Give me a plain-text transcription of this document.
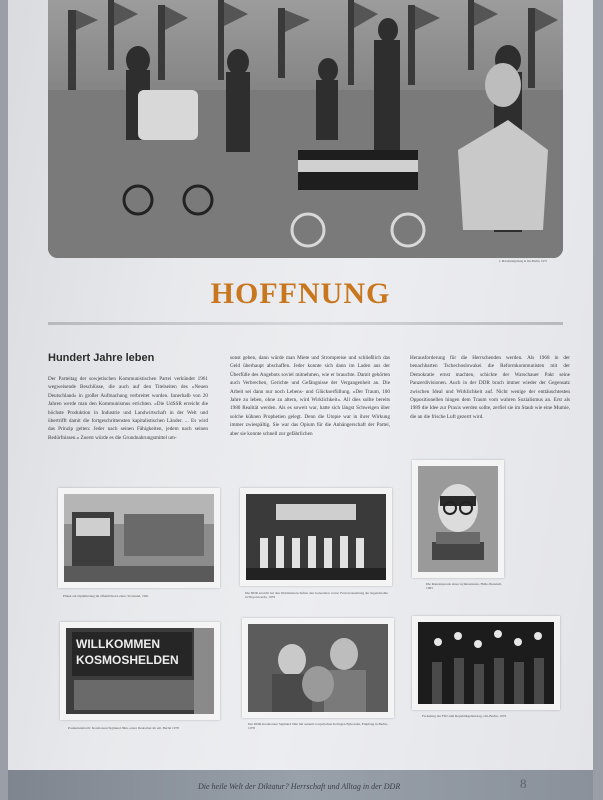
1. Mai-Kundgebung in Ost-Berlin, 1975
HOFFNUNG
Hundert Jahre leben
Der Parteitag der sowjetischen Kommunistischen Partei verkündet 1961 wegweisende Beschlüsse, die auch auf den Titelseiten des »Neuen Deutschland« in großer Aufmachung verbreitet wurden. Innerhalb von 20 Jahren werde man den Kommunismus errichten. »Die UdSSR erreicht die höchste Produktion in Industrie und Landwirtschaft in der Welt und übertrifft damit die fortgeschrittensten kapitalistischen Länder. ... Es wird das Prinzip gelten: Jeder nach seinen Fähigkeiten, jedem nach seinen Bedürfnissen.« Zuerst würde es die Grundnahrungsmittel um-
sonst geben, dann würde man Miete und Strompreise und schließlich das Geld überhaupt abschaffen. Jeder konnte sich dann im Laden aus der Überfülle des Angebots soviel mitnehmen, wie er brauchte. Damit gehörten auch Verbrechen, Gerichte und Gefängnisse der Vergangenheit an. Die Arbeit sei dann nur noch Lebens- und Glückserfüllung. »Der Traum, 100 Jahre zu leben, ohne zu altern, wird Wirklichkeit«. All dies sollte bereits 1980 Realität werden. Als es soweit war, hatte sich längst Schweigen über solche kühnen Prophetien gelegt. Denn die Utopie war in ihrer Wirkung immer zwiespältig. Sie war das Opium für die Anhängerschaft der Partei, aber sie konnte schnell zur gefährlichen
Herausforderung für die Herrschenden werden. Als 1968 in der benachbarten Tschechoslowakei die Reformkommunisten mit der Demokratie ernst machten, schickte der Warschauer Pakt seine Panzerdivisionen. Auch in der DDR brach immer wieder der Gegensatz zwischen Ideal und Wirklichkeit auf. Nicht wenige der enttäuschtesten Oppositionellen hingen dem Traum vom wahren Sozialismus an. Erst als 1989 die Idee zur Praxis werden sollte, zerfiel sie im Staub wie eine Mumie, die an die frische Luft gezerrt wird.
Plakat zur Optimierung im öffentlichen Leben, Stralsund, 1961
Die DDR erreicht bei den Weltmeisterschaften den Generation vorne: Festveranstaltung der Jugendweihe in Hoyerswerda, 1979
Die Ranzenparade eines Gymnasiasten, Halle-Neustadt, 1983
WILLKOMMEN
KOSMOSHELDEN
Postkartenmotiv: Kosmonaut Sigmund Jähn, erster Deutscher im All, Berlin 1978
Der DDR-Kosmonaut Sigmund Jähn mit seinem sowjetischen Kollegen Bykowski, Empfang in Berlin, 1978
Fackelzug der FDJ zum Republikgeburtstag, Ost-Berlin, 1979
Die heile Welt der Diktatur? Herrschaft und Alltag in der DDR	8
